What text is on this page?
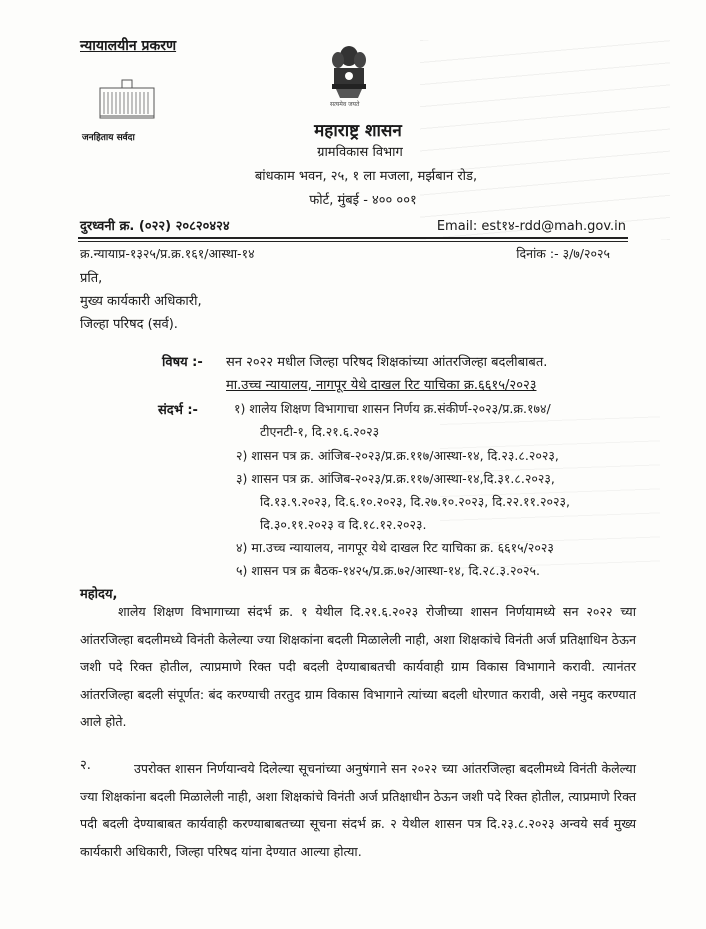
न्यायालयीन प्रकरण
जनहिताय सर्वदा
सत्यमेव जयते
महाराष्ट्र शासन
ग्रामविकास विभाग
बांधकाम भवन, २५, १ ला मजला, मर्झबान रोड,
फोर्ट, मुंबई - ४०० ००१
दुरध्वनी क्र. (०२२) २०८२०४२४	Email: est१४-rdd@mah.gov.in
क्र.न्यायाप्र-१३२५/प्र.क्र.१६१/आस्था-१४	दिनांक :- ३/७/२०२५
प्रति,
मुख्य कार्यकारी अधिकारी,
जिल्हा परिषद (सर्व).
विषय :- सन २०२२ मधील जिल्हा परिषद शिक्षकांच्या आंतरजिल्हा बदलीबाबत.
मा.उच्च न्यायालय, नागपूर येथे दाखल रिट याचिका क्र.६६१५/२०२३
संदर्भ :-	१) शालेय शिक्षण विभागाचा शासन निर्णय क्र.संकीर्ण-२०२३/प्र.क्र.१७४/
टीएनटी-१, दि.२१.६.२०२३
२) शासन पत्र क्र. आंजिब-२०२३/प्र.क्र.११७/आस्था-१४, दि.२३.८.२०२३,
३) शासन पत्र क्र. आंजिब-२०२३/प्र.क्र.११७/आस्था-१४,दि.३१.८.२०२३,
दि.१३.९.२०२३, दि.६.१०.२०२३, दि.२७.१०.२०२३, दि.२२.११.२०२३,
दि.३०.११.२०२३ व दि.१८.१२.२०२३.
४) मा.उच्च न्यायालय, नागपूर येथे दाखल रिट याचिका क्र. ६६१५/२०२३
५) शासन पत्र क्र बैठक-१४२५/प्र.क्र.७२/आस्था-१४, दि.२८.३.२०२५.
महोदय,
शालेय शिक्षण विभागाच्या संदर्भ क्र. १ येथील दि.२१.६.२०२३ रोजीच्या शासन निर्णयामध्ये सन २०२२ च्या आंतरजिल्हा बदलीमध्ये विनंती केलेल्या ज्या शिक्षकांना बदली मिळालेली नाही, अशा शिक्षकांचे विनंती अर्ज प्रतिक्षाधिन ठेऊन जशी पदे रिक्त होतील, त्याप्रमाणे रिक्त पदी बदली देण्याबाबतची कार्यवाही ग्राम विकास विभागाने करावी. त्यानंतर आंतरजिल्हा बदली संपूर्णत: बंद करण्याची तरतुद ग्राम विकास विभागाने त्यांच्या बदली धोरणात करावी, असे नमुद करण्यात आले होते.
२.	उपरोक्त शासन निर्णयान्वये दिलेल्या सूचनांच्या अनुषंगाने सन २०२२ च्या आंतरजिल्हा बदलीमध्ये विनंती केलेल्या ज्या शिक्षकांना बदली मिळालेली नाही, अशा शिक्षकांचे विनंती अर्ज प्रतिक्षाधीन ठेऊन जशी पदे रिक्त होतील, त्याप्रमाणे रिक्त पदी बदली देण्याबाबत कार्यवाही करण्याबाबतच्या सूचना संदर्भ क्र. २ येथील शासन पत्र दि.२३.८.२०२३ अन्वये सर्व मुख्य कार्यकारी अधिकारी, जिल्हा परिषद यांना देण्यात आल्या होत्या.
